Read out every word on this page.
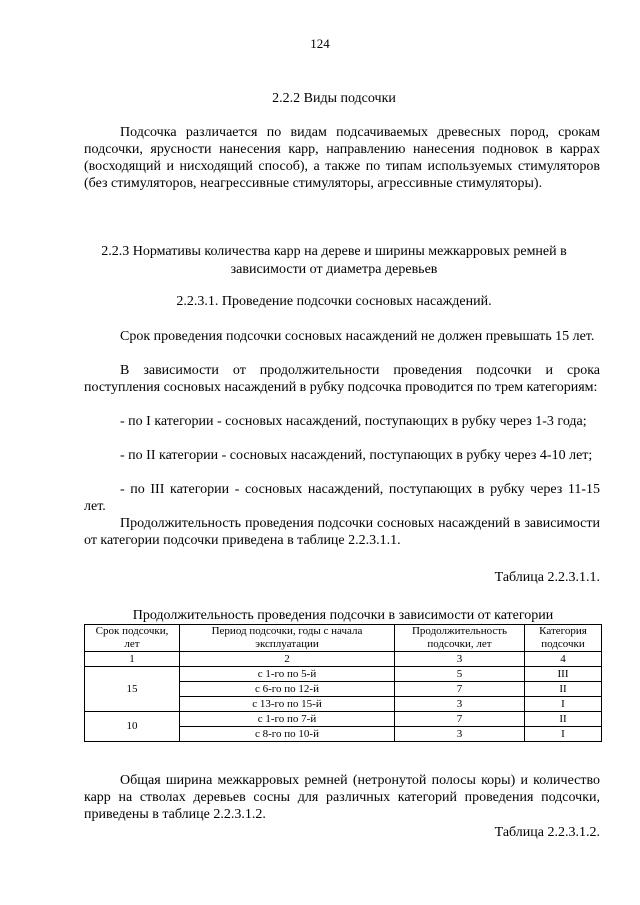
124
2.2.2 Виды подсочки
Подсочка различается по видам подсачиваемых древесных пород, срокам подсочки, ярусности нанесения карр, направлению нанесения подновок в каррах (восходящий и нисходящий способ), а также по типам используемых стимуляторов (без стимуляторов, неагрессивные стимуляторы, агрессивные стимуляторы).
2.2.3 Нормативы количества карр на дереве и ширины межкарровых ремней в зависимости от диаметра деревьев
2.2.3.1. Проведение подсочки сосновых насаждений.
Срок проведения подсочки сосновых насаждений не должен превышать 15 лет.
В зависимости от продолжительности проведения подсочки и срока поступления сосновых насаждений в рубку подсочка проводится по трем категориям:
- по I категории - сосновых насаждений, поступающих в рубку через 1-3 года;
- по II категории - сосновых насаждений, поступающих в рубку через 4-10 лет;
- по III категории - сосновых насаждений, поступающих в рубку через 11-15 лет.
Продолжительность проведения подсочки сосновых насаждений в зависимости от категории подсочки приведена в таблице 2.2.3.1.1.
Таблица 2.2.3.1.1.
Продолжительность проведения подсочки в зависимости от категории
Срок подсочки, лет	Период подсочки, годы с начала эксплуатации	Продолжительность подсочки, лет	Категория подсочки
1	2	3	4
15	с 1-го по 5-й	5	III
	с 6-го по 12-й	7	II
	с 13-го по 15-й	3	I
10	с 1-го по 7-й	7	II
	с 8-го по 10-й	3	I
Общая ширина межкарровых ремней (нетронутой полосы коры) и количество карр на стволах деревьев сосны для различных категорий проведения подсочки, приведены в таблице 2.2.3.1.2.
Таблица 2.2.3.1.2.
